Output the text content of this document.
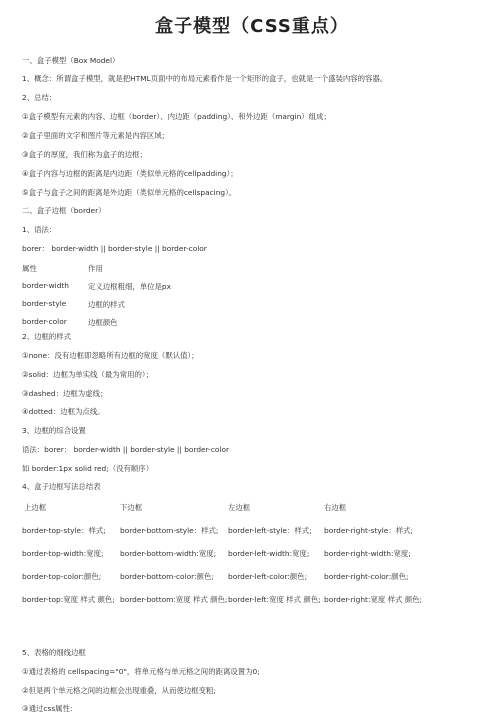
盒子模型（CSS重点）
一、盒子模型（Box Model）
1、概念：所谓盒子模型，就是把HTML页面中的布局元素看作是一个矩形的盒子，也就是一个盛装内容的容器。
2、总结：
①盒子模型有元素的内容、边框（border）、内边距（padding）、和外边距（margin）组成；
②盒子里面的文字和图片等元素是内容区域；
③盒子的厚度，我们称为盒子的边框；
④盒子内容与边框的距离是内边距（类似单元格的cellpadding）；
⑤盒子与盒子之间的距离是外边距（类似单元格的cellspacing）。
二、盒子边框（border）
1、语法：
borer： border-width || border-style || border-color
属性	作用
border-width	定义边框粗细，单位是px
border-style	边框的样式
border-color	边框颜色
2、边框的样式
①none：没有边框即忽略所有边框的宽度（默认值）；
②solid：边框为单实线（最为常用的）；
③dashed：边框为虚线；
④dotted：边框为点线。
3、边框的综合设置
语法：borer： border-width || border-style || border-color
如 border:1px solid red;（没有顺序）
4、盒子边框写法总结表
上边框	下边框	左边框	右边框
border-top-style：样式; border-bottom-style：样式; border-left-style：样式; border-right-style：样式;
border-top-width:宽度; border-bottom-width:宽度; border-left-width:宽度; border-right-width:宽度;
border-top-color:颜色;	border-bottom-color:颜色; border-left-color:颜色; border-right-color:颜色;
border-top:宽度 样式 颜色; border-bottom:宽度 样式 颜色; border-left:宽度 样式 颜色; border-right:宽度 样式 颜色;
5、表格的细线边框
①通过表格的 cellspacing="0"，将单元格与单元格之间的距离设置为0;
②但是两个单元格之间的边框会出现重叠，从而使边框变粗;
③通过css属性:
